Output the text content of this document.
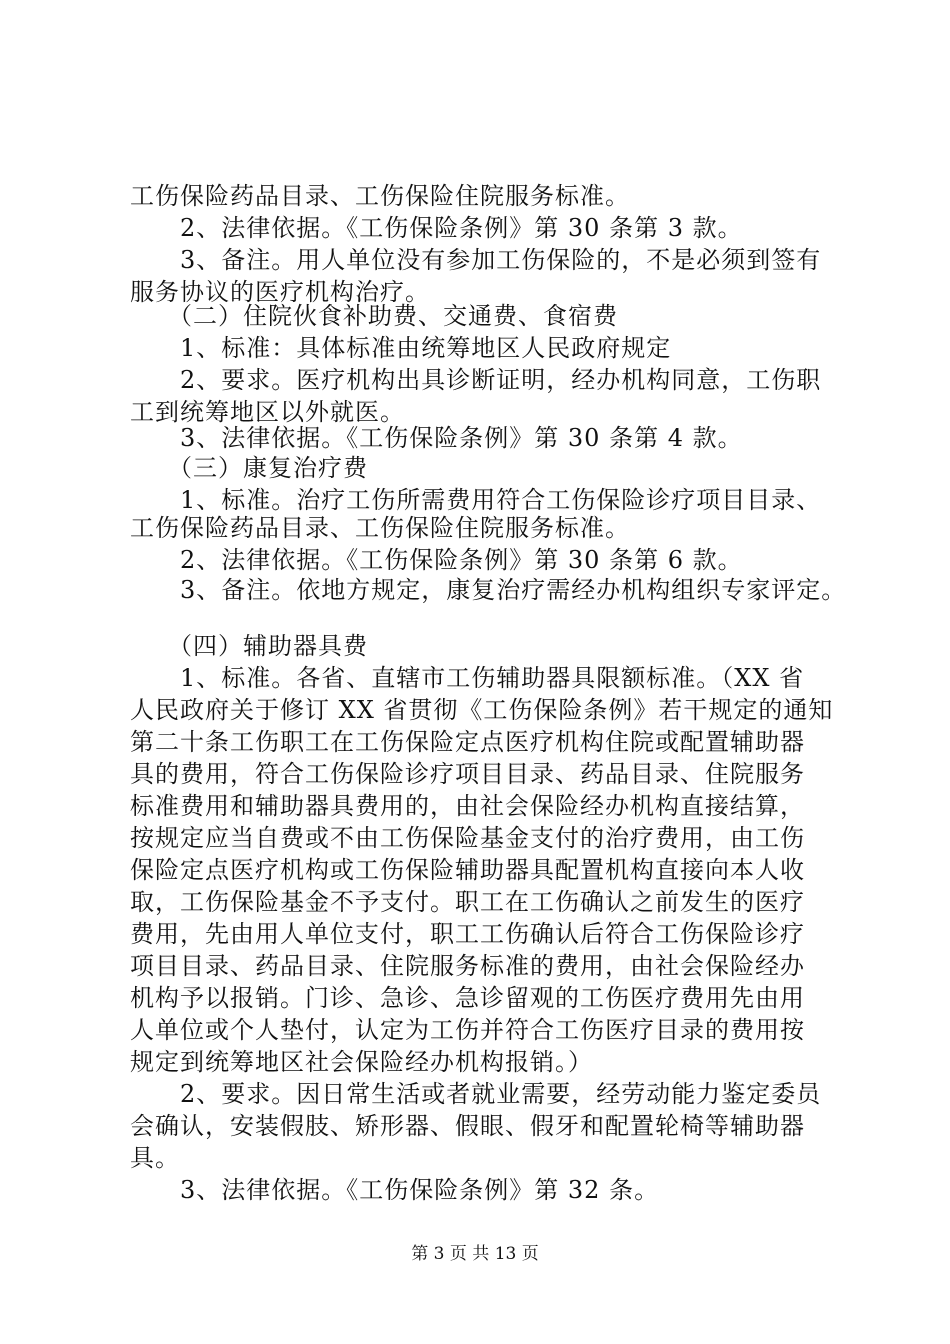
工伤保险药品目录、工伤保险住院服务标准。
　　2、法律依据。《工伤保险条例》第 30 条第 3 款。
　　3、备注。用人单位没有参加工伤保险的，不是必须到签有
服务协议的医疗机构治疗。
　　（二）住院伙食补助费、交通费、食宿费
　　1、标准：具体标准由统筹地区人民政府规定
　　2、要求。医疗机构出具诊断证明，经办机构同意，工伤职
工到统筹地区以外就医。
　　3、法律依据。《工伤保险条例》第 30 条第 4 款。
　　（三）康复治疗费
　　1、标准。治疗工伤所需费用符合工伤保险诊疗项目目录、
工伤保险药品目录、工伤保险住院服务标准。
　　2、法律依据。《工伤保险条例》第 30 条第 6 款。
　　3、备注。依地方规定，康复治疗需经办机构组织专家评定。
　　（四）辅助器具费
　　1、标准。各省、直辖市工伤辅助器具限额标准。（XX 省
人民政府关于修订 XX 省贯彻《工伤保险条例》若干规定的通知
第二十条工伤职工在工伤保险定点医疗机构住院或配置辅助器
具的费用，符合工伤保险诊疗项目目录、药品目录、住院服务
标准费用和辅助器具费用的，由社会保险经办机构直接结算，
按规定应当自费或不由工伤保险基金支付的治疗费用，由工伤
保险定点医疗机构或工伤保险辅助器具配置机构直接向本人收
取，工伤保险基金不予支付。职工在工伤确认之前发生的医疗
费用，先由用人单位支付，职工工伤确认后符合工伤保险诊疗
项目目录、药品目录、住院服务标准的费用，由社会保险经办
机构予以报销。门诊、急诊、急诊留观的工伤医疗费用先由用
人单位或个人垫付，认定为工伤并符合工伤医疗目录的费用按
规定到统筹地区社会保险经办机构报销。）
　　2、要求。因日常生活或者就业需要，经劳动能力鉴定委员
会确认，安装假肢、矫形器、假眼、假牙和配置轮椅等辅助器
具。
　　3、法律依据。《工伤保险条例》第 32 条。
第 3 页 共 13 页
